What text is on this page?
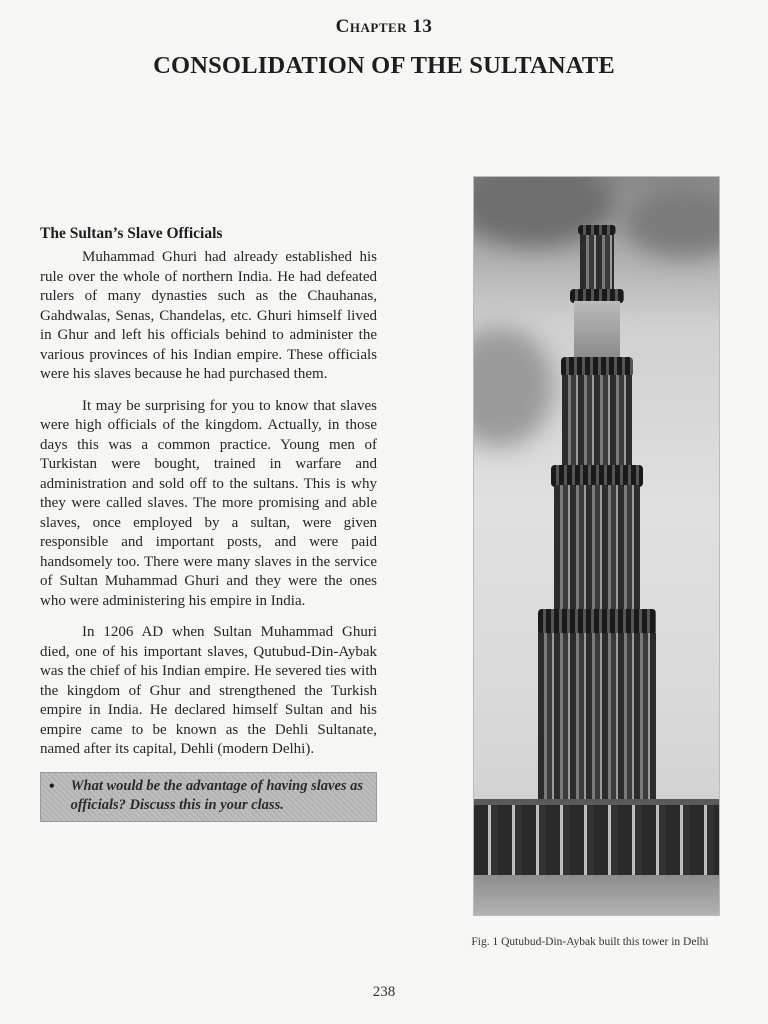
Chapter 13
CONSOLIDATION OF THE SULTANATE
The Sultan’s Slave Officials

Muhammad Ghuri had already established his rule over the whole of northern India. He had defeated rulers of many dynasties such as the Chauhanas, Gahdwalas, Senas, Chandelas, etc. Ghuri himself lived in Ghur and left his officials behind to administer the various provinces of his Indian empire. These officials were his slaves because he had purchased them.

It may be surprising for you to know that slaves were high officials of the kingdom. Actually, in those days this was a common practice. Young men of Turkistan were bought, trained in warfare and administration and sold off to the sultans. This is why they were called slaves. The more promising and able slaves, once employed by a sultan, were given responsible and important posts, and were paid handsomely too. There were many slaves in the service of Sultan Muhammad Ghuri and they were the ones who were administering his empire in India.

In 1206 AD when Sultan Muhammad Ghuri died, one of his important slaves, Qutubud-Din-Aybak was the chief of his Indian empire. He severed ties with the kingdom of Ghur and strengthened the Turkish empire in India. He declared himself Sultan and his empire came to be known as the Dehli Sultanate, named after its capital, Dehli (modern Delhi).

• What would be the advantage of having slaves as officials? Discuss this in your class.
Fig. 1 Qutubud-Din-Aybak built this tower in Delhi
238
